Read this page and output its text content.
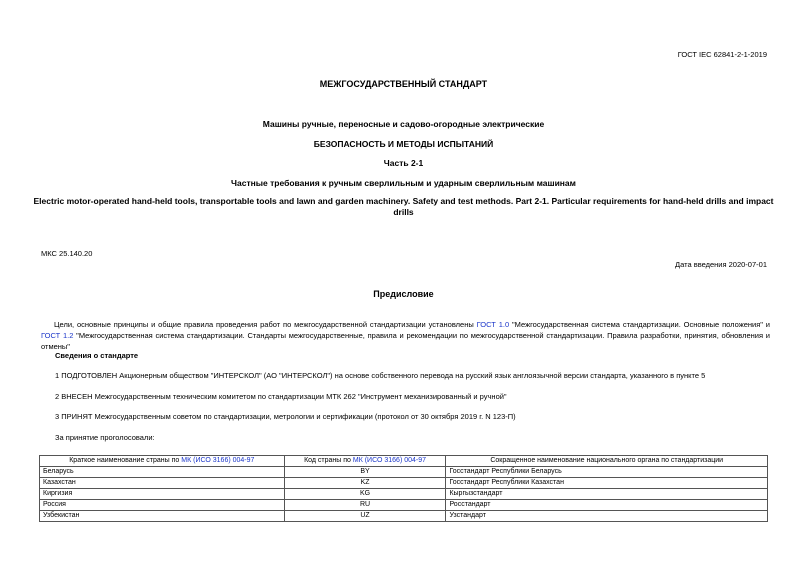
ГОСТ IEC 62841-2-1-2019
МЕЖГОСУДАРСТВЕННЫЙ СТАНДАРТ
Машины ручные, переносные и садово-огородные электрические
БЕЗОПАСНОСТЬ И МЕТОДЫ ИСПЫТАНИЙ
Часть 2-1
Частные требования к ручным сверлильным и ударным сверлильным машинам
Electric motor-operated hand-held tools, transportable tools and lawn and garden machinery. Safety and test methods. Part 2-1. Particular requirements for hand-held drills and impact drills
МКС 25.140.20
Дата введения 2020-07-01
Предисловие
Цели, основные принципы и общие правила проведения работ по межгосударственной стандартизации установлены ГОСТ 1.0 "Межгосударственная система стандартизации. Основные положения" и ГОСТ 1.2 "Межгосударственная система стандартизации. Стандарты межгосударственные, правила и рекомендации по межгосударственной стандартизации. Правила разработки, принятия, обновления и отмены"
Сведения о стандарте
1 ПОДГОТОВЛЕН Акционерным обществом "ИНТЕРСКОЛ" (АО "ИНТЕРСКОЛ") на основе собственного перевода на русский язык англоязычной версии стандарта, указанного в пункте 5
2 ВНЕСЕН Межгосударственным техническим комитетом по стандартизации МТК 262 "Инструмент механизированный и ручной"
3 ПРИНЯТ Межгосударственным советом по стандартизации, метрологии и сертификации (протокол от 30 октября 2019 г. N 123-П)
За принятие проголосовали:
Краткое наименование страны по МК (ИСО 3166) 004-97	Код страны по МК (ИСО 3166) 004-97	Сокращенное наименование национального органа по стандартизации
Беларусь	BY	Госстандарт Республики Беларусь
Казахстан	KZ	Госстандарт Республики Казахстан
Киргизия	KG	Кыргызстандарт
Россия	RU	Росстандарт
Узбекистан	UZ	Узстандарт
